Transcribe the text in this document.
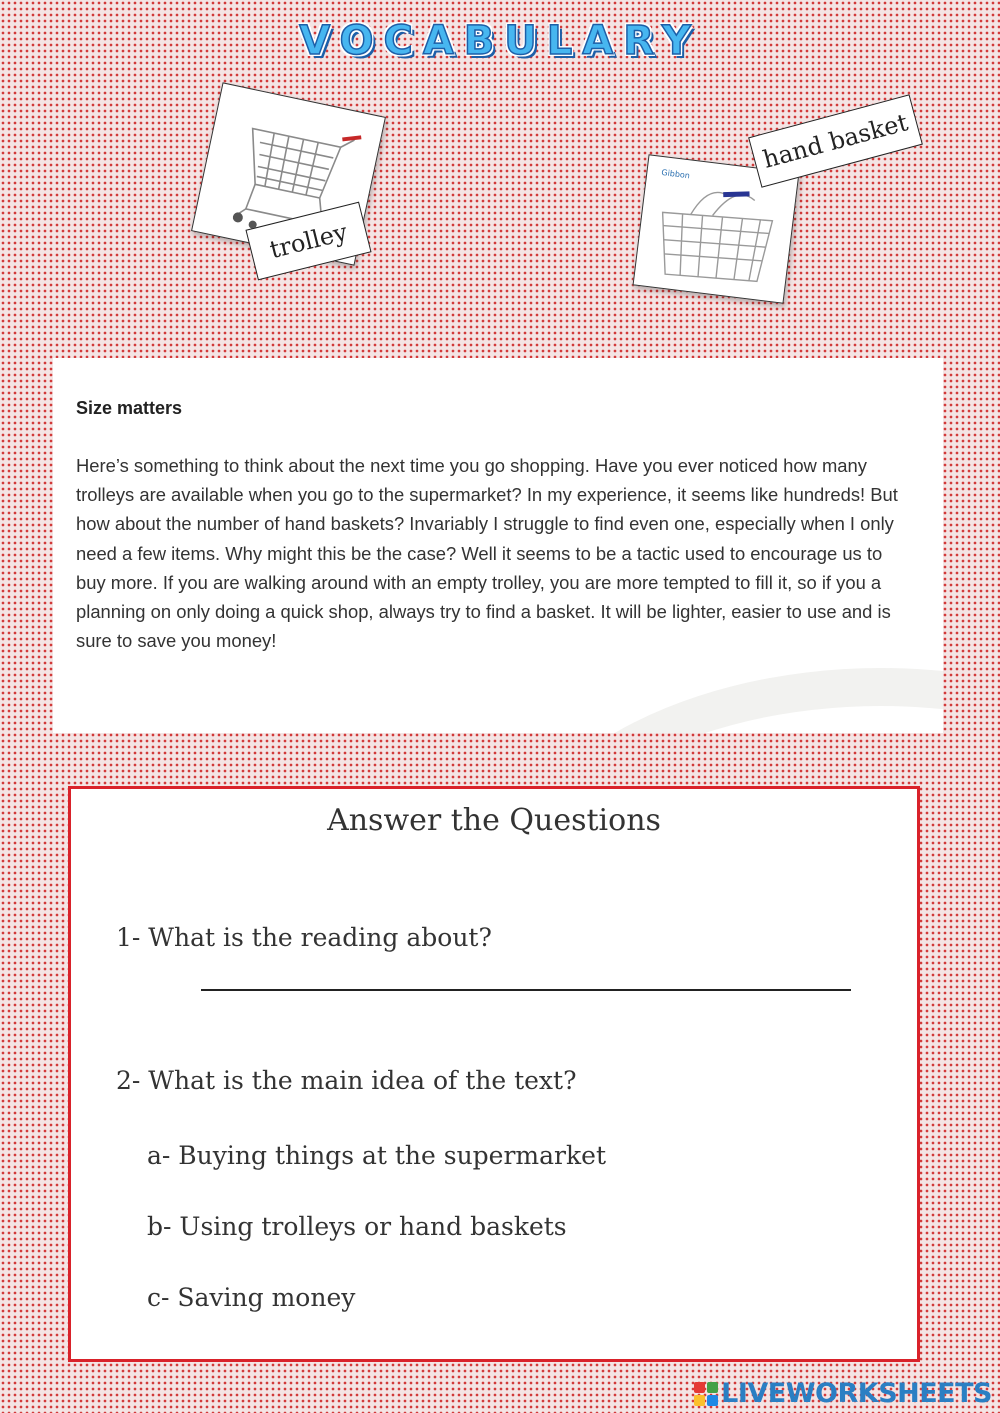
VOCABULARY
trolley
Gibbon
hand basket
Size matters
Here’s something to think about the next time you go shopping. Have you ever noticed how many trolleys are available when you go to the supermarket? In my experience, it seems like hundreds! But how about the number of hand baskets? Invariably I struggle to find even one, especially when I only need a few items. Why might this be the case? Well it seems to be a tactic used to encourage us to buy more. If you are walking around with an empty trolley, you are more tempted to fill it, so if you a planning on only doing a quick shop, always try to find a basket. It will be lighter, easier to use and is sure to save you money!
Answer the Questions
1- What is the reading about?
2- What is the main idea of the text?
a- Buying things at the supermarket
b- Using trolleys or hand baskets
c- Saving money
LIVEWORKSHEETS
